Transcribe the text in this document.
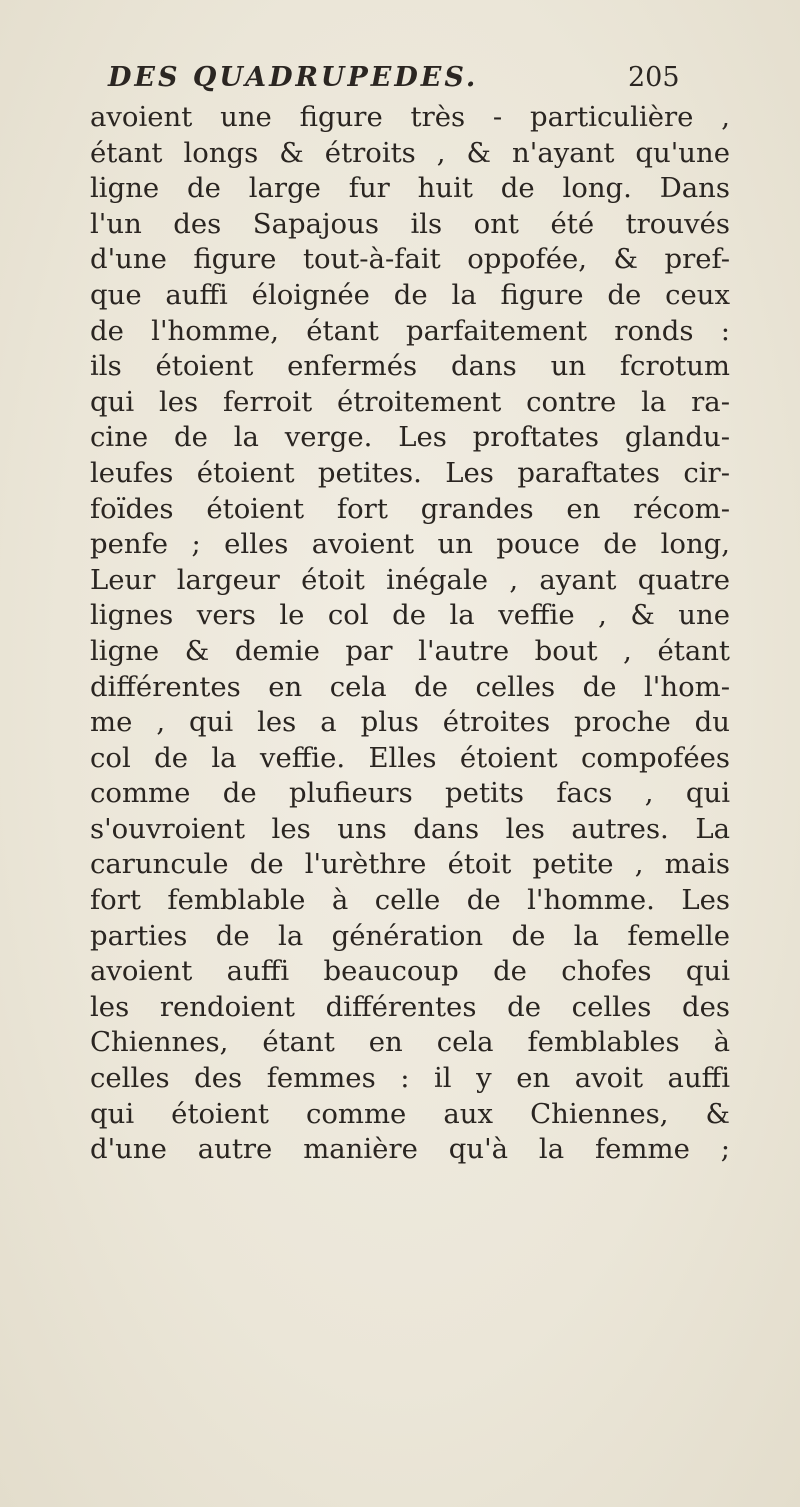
DES QUADRUPEDES.	205
avoient une figure très - particulière ,
étant longs & étroits , & n'ayant qu'une
ligne de large fur huit de long. Dans
l'un des Sapajous ils ont été trouvés
d'une figure tout-à-fait oppofée, & pref-
que auffi éloignée de la figure de ceux
de l'homme, étant parfaitement ronds :
ils étoient enfermés dans un fcrotum
qui les ferroit étroitement contre la ra-
cine de la verge. Les proftates glandu-
leufes étoient petites. Les paraftates cir-
foïdes étoient fort grandes en récom-
penfe ; elles avoient un pouce de long,
Leur largeur étoit inégale , ayant quatre
lignes vers le col de la veffie , & une
ligne & demie par l'autre bout , étant
différentes en cela de celles de l'hom-
me , qui les a plus étroites proche du
col de la veffie. Elles étoient compofées
comme de plufieurs petits facs , qui
s'ouvroient les uns dans les autres. La
caruncule de l'urèthre étoit petite , mais
fort femblable à celle de l'homme. Les
parties de la génération de la femelle
avoient auffi beaucoup de chofes qui
les rendoient différentes de celles des
Chiennes, étant en cela femblables à
celles des femmes : il y en avoit auffi
qui étoient comme aux Chiennes, &
d'une autre manière qu'à la femme ;
